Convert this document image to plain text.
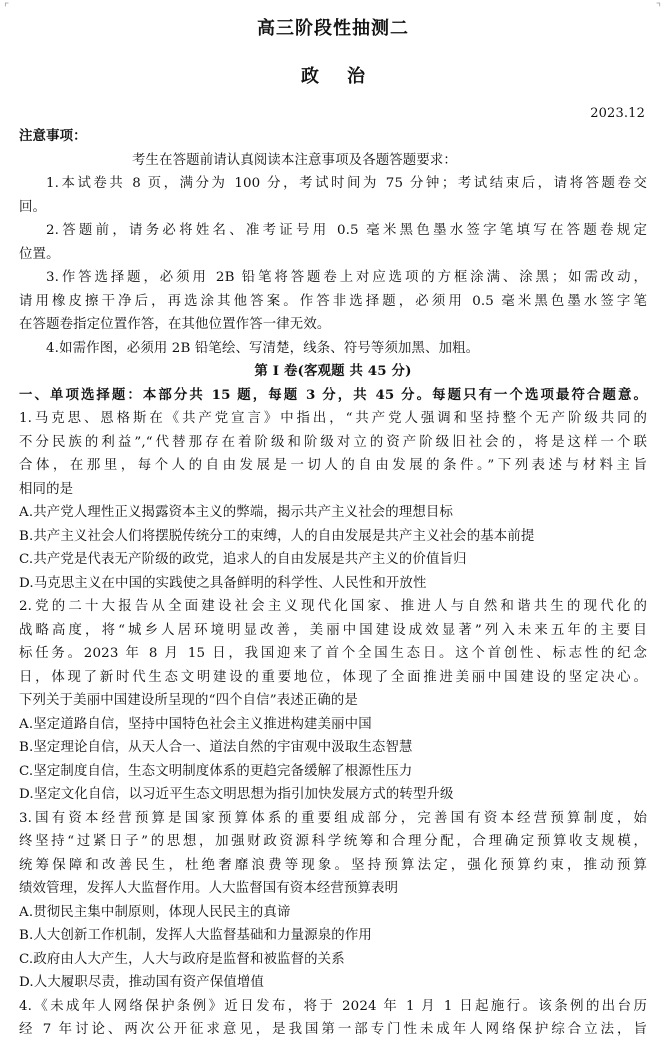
⌜	⌝
高三阶段性抽测二
政治
2023.12
注意事项：
考生在答题前请认真阅读本注意事项及各题答题要求：
1.本试卷共 8 页，满分为 100 分，考试时间为 75 分钟；考试结束后，请将答题卷交
回。
2.答题前，请务必将姓名、准考证号用 0.5 毫米黑色墨水签字笔填写在答题卷规定
位置。
3.作答选择题，必须用 2B 铅笔将答题卷上对应选项的方框涂满、涂黑；如需改动，
请用橡皮擦干净后，再选涂其他答案。作答非选择题，必须用 0.5 毫米黑色墨水签字笔
在答题卷指定位置作答，在其他位置作答一律无效。
4.如需作图，必须用 2B 铅笔绘、写清楚，线条、符号等须加黑、加粗。
第 I 卷(客观题 共 45 分)
一、单项选择题：本部分共 15 题，每题 3 分，共 45 分。每题只有一个选项最符合题意。
1.马克思、恩格斯在《共产党宣言》中指出，“共产党人强调和坚持整个无产阶级共同的
不分民族的利益”,“代替那存在着阶级和阶级对立的资产阶级旧社会的，将是这样一个联
合体，在那里，每个人的自由发展是一切人的自由发展的条件。”下列表述与材料主旨
相同的是
A.共产党人理性正义揭露资本主义的弊端，揭示共产主义社会的理想目标
B.共产主义社会人们将摆脱传统分工的束缚，人的自由发展是共产主义社会的基本前提
C.共产党是代表无产阶级的政党，追求人的自由发展是共产主义的价值旨归
D.马克思主义在中国的实践使之具备鲜明的科学性、人民性和开放性
2.党的二十大报告从全面建设社会主义现代化国家、推进人与自然和谐共生的现代化的
战略高度，将“城乡人居环境明显改善，美丽中国建设成效显著”列入未来五年的主要目
标任务。2023 年 8 月 15 日，我国迎来了首个全国生态日。这个首创性、标志性的纪念
日，体现了新时代生态文明建设的重要地位，体现了全面推进美丽中国建设的坚定决心。
下列关于美丽中国建设所呈现的“四个自信”表述正确的是
A.坚定道路自信，坚持中国特色社会主义推进构建美丽中国
B.坚定理论自信，从天人合一、道法自然的宇宙观中汲取生态智慧
C.坚定制度自信，生态文明制度体系的更趋完备缓解了根源性压力
D.坚定文化自信，以习近平生态文明思想为指引加快发展方式的转型升级
3.国有资本经营预算是国家预算体系的重要组成部分，完善国有资本经营预算制度，始
终坚持“过紧日子”的思想，加强财政资源科学统筹和合理分配，合理确定预算收支规模，
统筹保障和改善民生，杜绝奢靡浪费等现象。坚持预算法定，强化预算约束，推动预算
绩效管理，发挥人大监督作用。人大监督国有资本经营预算表明
A.贯彻民主集中制原则，体现人民民主的真谛
B.人大创新工作机制，发挥人大监督基础和力量源泉的作用
C.政府由人大产生，人大与政府是监督和被监督的关系
D.人大履职尽责，推动国有资产保值增值
4.《未成年人网络保护条例》近日发布，将于 2024 年 1 月 1 日起施行。该条例的出台历
经 7 年讨论、两次公开征求意见，是我国第一部专门性未成年人网络保护综合立法，旨
